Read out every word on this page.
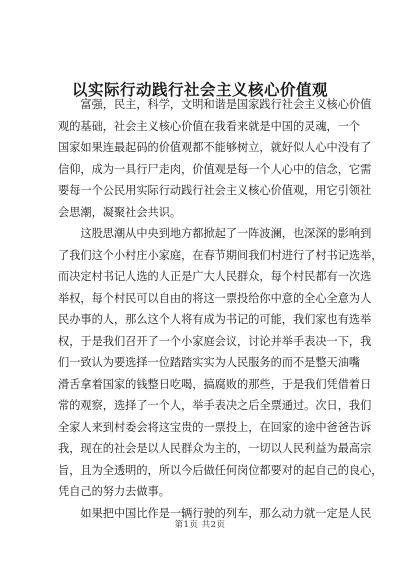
以实际行动践行社会主义核心价值观

　　富强，民主，科学，文明和谐是国家践行社会主义核心价值
观的基础，社会主义核心价值在我看来就是中国的灵魂，一个
国家如果连最起码的价值观都不能够树立，就好似人心中没有了
信仰，成为一具行尸走肉，价值观是每一个人心中的信念，它需
要每一个公民用实际行动践行社会主义核心价值观，用它引领社
会思潮，凝聚社会共识。

　　这股思潮从中央到地方都掀起了一阵波澜，也深深的影响到
了我们这个小村庄小家庭，在春节期间我们村进行了村书记选举，
而决定村书记人选的人正是广大人民群众，每个村民都有一次选
举权，每个村民可以自由的将这一票投给你中意的全心全意为人
民办事的人，那么这个人将有成为书记的可能，我们家也有选举
权，于是我们召开了一个小家庭会议，讨论并举手表决一下，我
们一致认为要选择一位踏踏实实为人民服务的而不是整天油嘴
滑舌拿着国家的钱整日吃喝，搞腐败的那些，于是我们凭借着日
常的观察，选择了一个人，举手表决之后全票通过。次日，我们
全家人来到村委会将这宝贵的一票投上，在回家的途中爸爸告诉
我，现在的社会是以人民群众为主的，一切以人民利益为最高宗
旨，且为全透明的，所以今后做任何岗位都要对的起自己的良心，
凭自己的努力去做事。

　　如果把中国比作是一辆行驶的列车，那么动力就一定是人民

第1页 共2页
